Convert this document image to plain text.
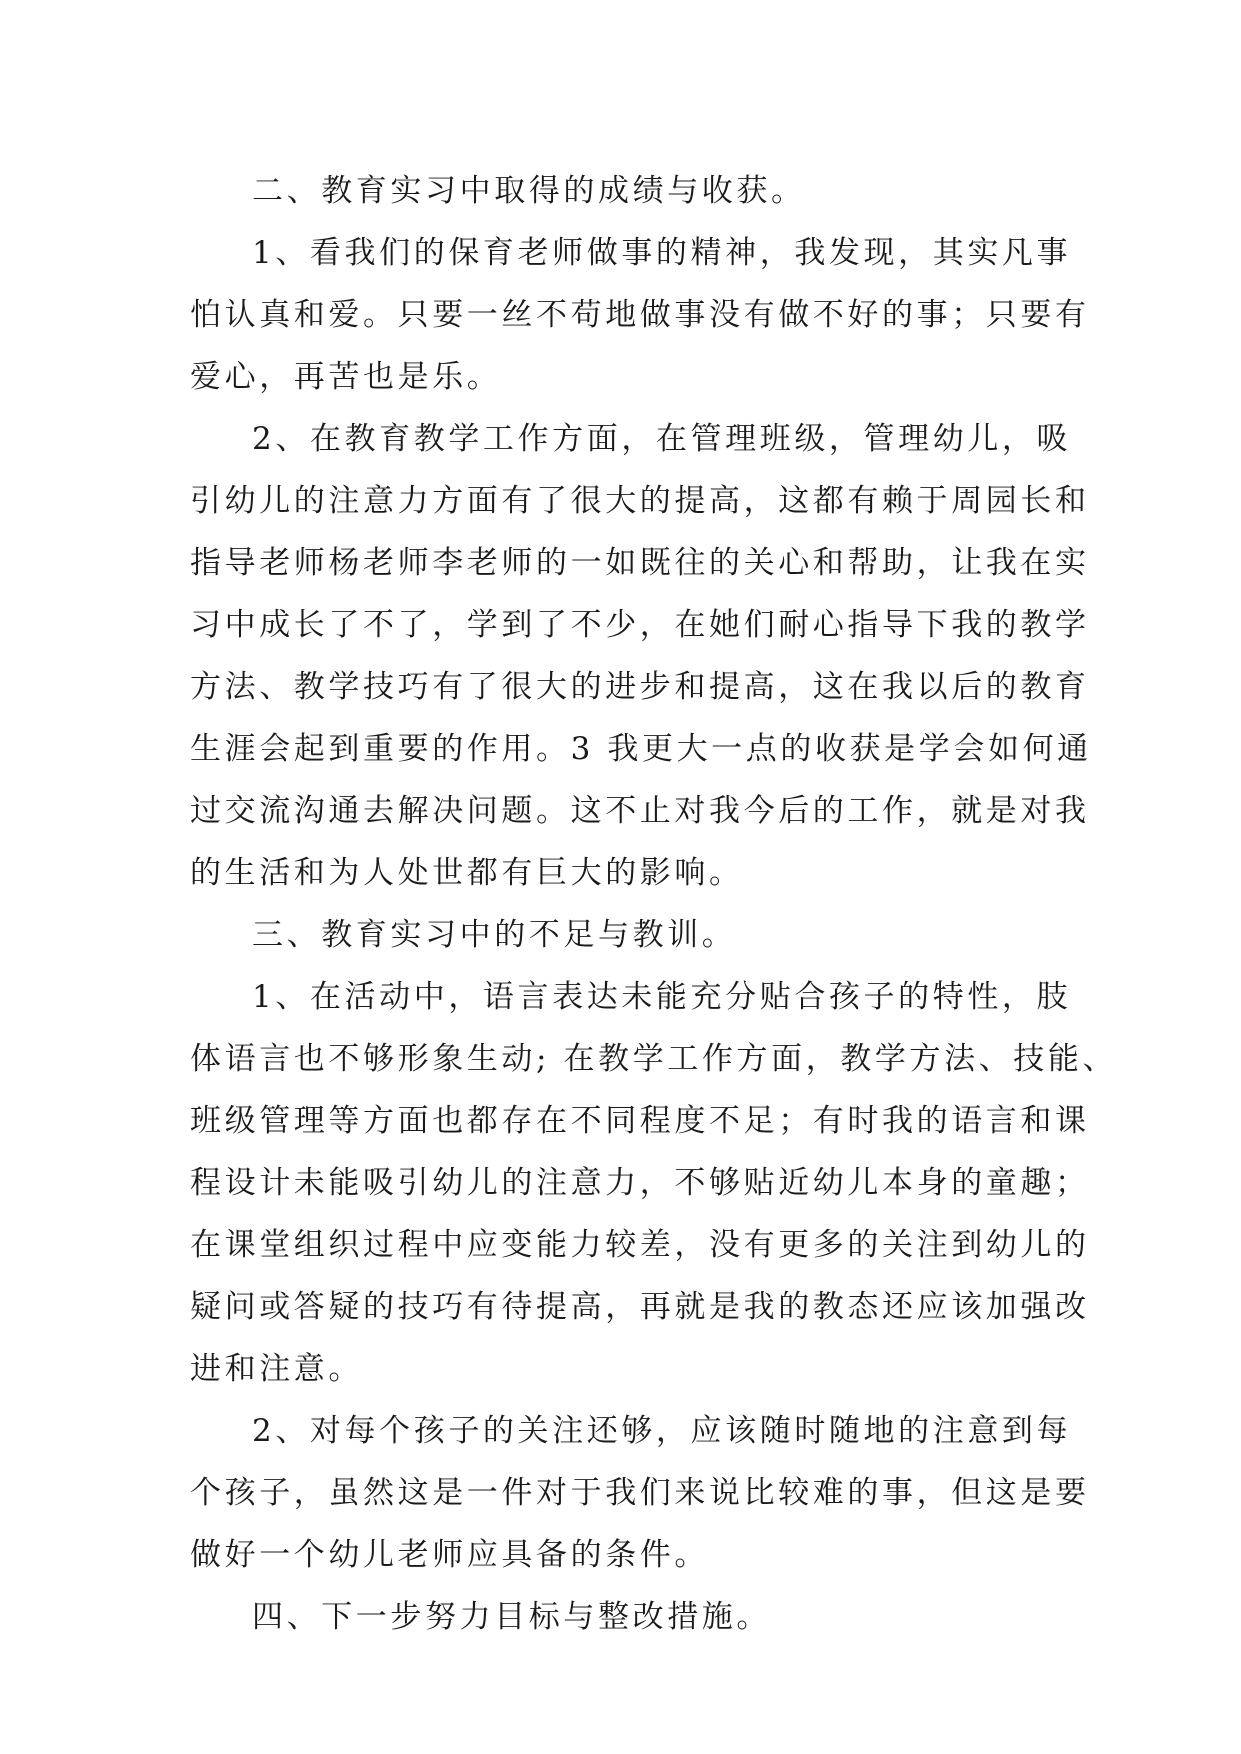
二、教育实习中取得的成绩与收获。
1、看我们的保育老师做事的精神，我发现，其实凡事
怕认真和爱。只要一丝不苟地做事没有做不好的事；只要有
爱心，再苦也是乐。
2、在教育教学工作方面，在管理班级，管理幼儿，吸
引幼儿的注意力方面有了很大的提高，这都有赖于周园长和
指导老师杨老师李老师的一如既往的关心和帮助，让我在实
习中成长了不了，学到了不少，在她们耐心指导下我的教学
方法、教学技巧有了很大的进步和提高，这在我以后的教育
生涯会起到重要的作用。3 我更大一点的收获是学会如何通
过交流沟通去解决问题。这不止对我今后的工作，就是对我
的生活和为人处世都有巨大的影响。
三、教育实习中的不足与教训。
1、在活动中，语言表达未能充分贴合孩子的特性，肢
体语言也不够形象生动; 在教学工作方面，教学方法、技能、
班级管理等方面也都存在不同程度不足；有时我的语言和课
程设计未能吸引幼儿的注意力，不够贴近幼儿本身的童趣；
在课堂组织过程中应变能力较差，没有更多的关注到幼儿的
疑问或答疑的技巧有待提高，再就是我的教态还应该加强改
进和注意。
2、对每个孩子的关注还够，应该随时随地的注意到每
个孩子，虽然这是一件对于我们来说比较难的事，但这是要
做好一个幼儿老师应具备的条件。
四、下一步努力目标与整改措施。
